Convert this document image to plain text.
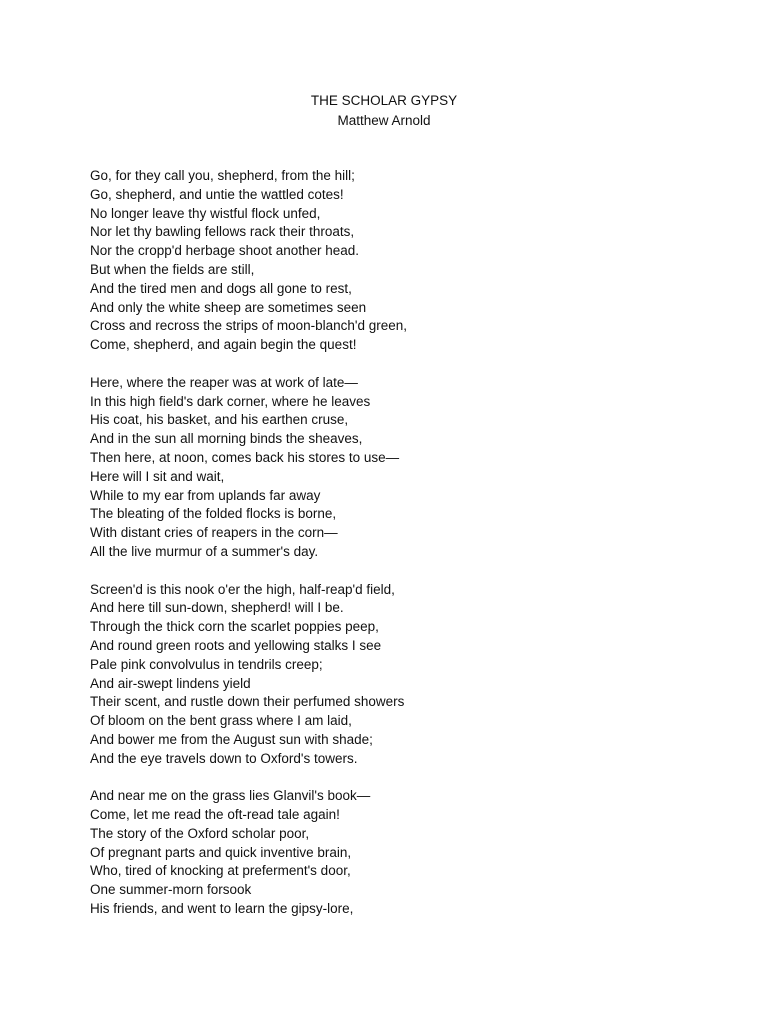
THE SCHOLAR GYPSY
Matthew Arnold
Go, for they call you, shepherd, from the hill;
Go, shepherd, and untie the wattled cotes!
No longer leave thy wistful flock unfed,
Nor let thy bawling fellows rack their throats,
Nor the cropp'd herbage shoot another head.
But when the fields are still,
And the tired men and dogs all gone to rest,
And only the white sheep are sometimes seen
Cross and recross the strips of moon-blanch'd green,
Come, shepherd, and again begin the quest!
Here, where the reaper was at work of late—
In this high field's dark corner, where he leaves
His coat, his basket, and his earthen cruse,
And in the sun all morning binds the sheaves,
Then here, at noon, comes back his stores to use—
Here will I sit and wait,
While to my ear from uplands far away
The bleating of the folded flocks is borne,
With distant cries of reapers in the corn—
All the live murmur of a summer's day.
Screen'd is this nook o'er the high, half-reap'd field,
And here till sun-down, shepherd! will I be.
Through the thick corn the scarlet poppies peep,
And round green roots and yellowing stalks I see
Pale pink convolvulus in tendrils creep;
And air-swept lindens yield
Their scent, and rustle down their perfumed showers
Of bloom on the bent grass where I am laid,
And bower me from the August sun with shade;
And the eye travels down to Oxford's towers.
And near me on the grass lies Glanvil's book—
Come, let me read the oft-read tale again!
The story of the Oxford scholar poor,
Of pregnant parts and quick inventive brain,
Who, tired of knocking at preferment's door,
One summer-morn forsook
His friends, and went to learn the gipsy-lore,
